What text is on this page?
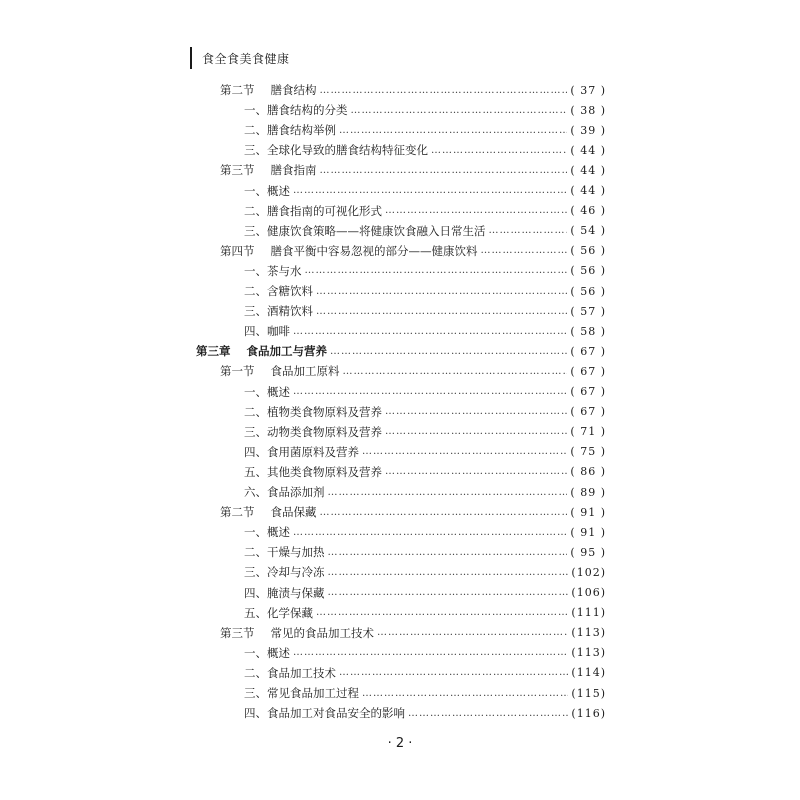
食全食美食健康
第二节 膳食结构 …………………………………………………………………………………………………………………………………………………………………………………	( 37 )
一、膳食结构的分类 …………………………………………………………………………………………………………………………………………………………………………………	( 38 )
二、膳食结构举例 …………………………………………………………………………………………………………………………………………………………………………………	( 39 )
三、全球化导致的膳食结构特征变化 …………………………………………………………………………………………………………………………………………………………………………………	( 44 )
第三节 膳食指南 …………………………………………………………………………………………………………………………………………………………………………………	( 44 )
一、概述 …………………………………………………………………………………………………………………………………………………………………………………	( 44 )
二、膳食指南的可视化形式 …………………………………………………………………………………………………………………………………………………………………………………	( 46 )
三、健康饮食策略——将健康饮食融入日常生活 …………………………………………………………………………………………………………………………………………………………………………………	( 54 )
第四节 膳食平衡中容易忽视的部分——健康饮料 …………………………………………………………………………………………………………………………………………………………………………………	( 56 )
一、茶与水 …………………………………………………………………………………………………………………………………………………………………………………	( 56 )
二、含糖饮料 …………………………………………………………………………………………………………………………………………………………………………………	( 56 )
三、酒精饮料 …………………………………………………………………………………………………………………………………………………………………………………	( 57 )
四、咖啡 …………………………………………………………………………………………………………………………………………………………………………………	( 58 )
第三章 食品加工与营养 …………………………………………………………………………………………………………………………………………………………………………………	( 67 )
第一节 食品加工原料 …………………………………………………………………………………………………………………………………………………………………………………	( 67 )
一、概述 …………………………………………………………………………………………………………………………………………………………………………………	( 67 )
二、植物类食物原料及营养 …………………………………………………………………………………………………………………………………………………………………………………	( 67 )
三、动物类食物原料及营养 …………………………………………………………………………………………………………………………………………………………………………………	( 71 )
四、食用菌原料及营养 …………………………………………………………………………………………………………………………………………………………………………………	( 75 )
五、其他类食物原料及营养 …………………………………………………………………………………………………………………………………………………………………………………	( 86 )
六、食品添加剂 …………………………………………………………………………………………………………………………………………………………………………………	( 89 )
第二节 食品保藏 …………………………………………………………………………………………………………………………………………………………………………………	( 91 )
一、概述 …………………………………………………………………………………………………………………………………………………………………………………	( 91 )
二、干燥与加热 …………………………………………………………………………………………………………………………………………………………………………………	( 95 )
三、冷却与冷冻 …………………………………………………………………………………………………………………………………………………………………………………	(102)
四、腌渍与保藏 …………………………………………………………………………………………………………………………………………………………………………………	(106)
五、化学保藏 …………………………………………………………………………………………………………………………………………………………………………………	(111)
第三节 常见的食品加工技术 …………………………………………………………………………………………………………………………………………………………………………………	(113)
一、概述 …………………………………………………………………………………………………………………………………………………………………………………	(113)
二、食品加工技术 …………………………………………………………………………………………………………………………………………………………………………………	(114)
三、常见食品加工过程 …………………………………………………………………………………………………………………………………………………………………………………	(115)
四、食品加工对食品安全的影响 …………………………………………………………………………………………………………………………………………………………………………………	(116)
· 2 ·
